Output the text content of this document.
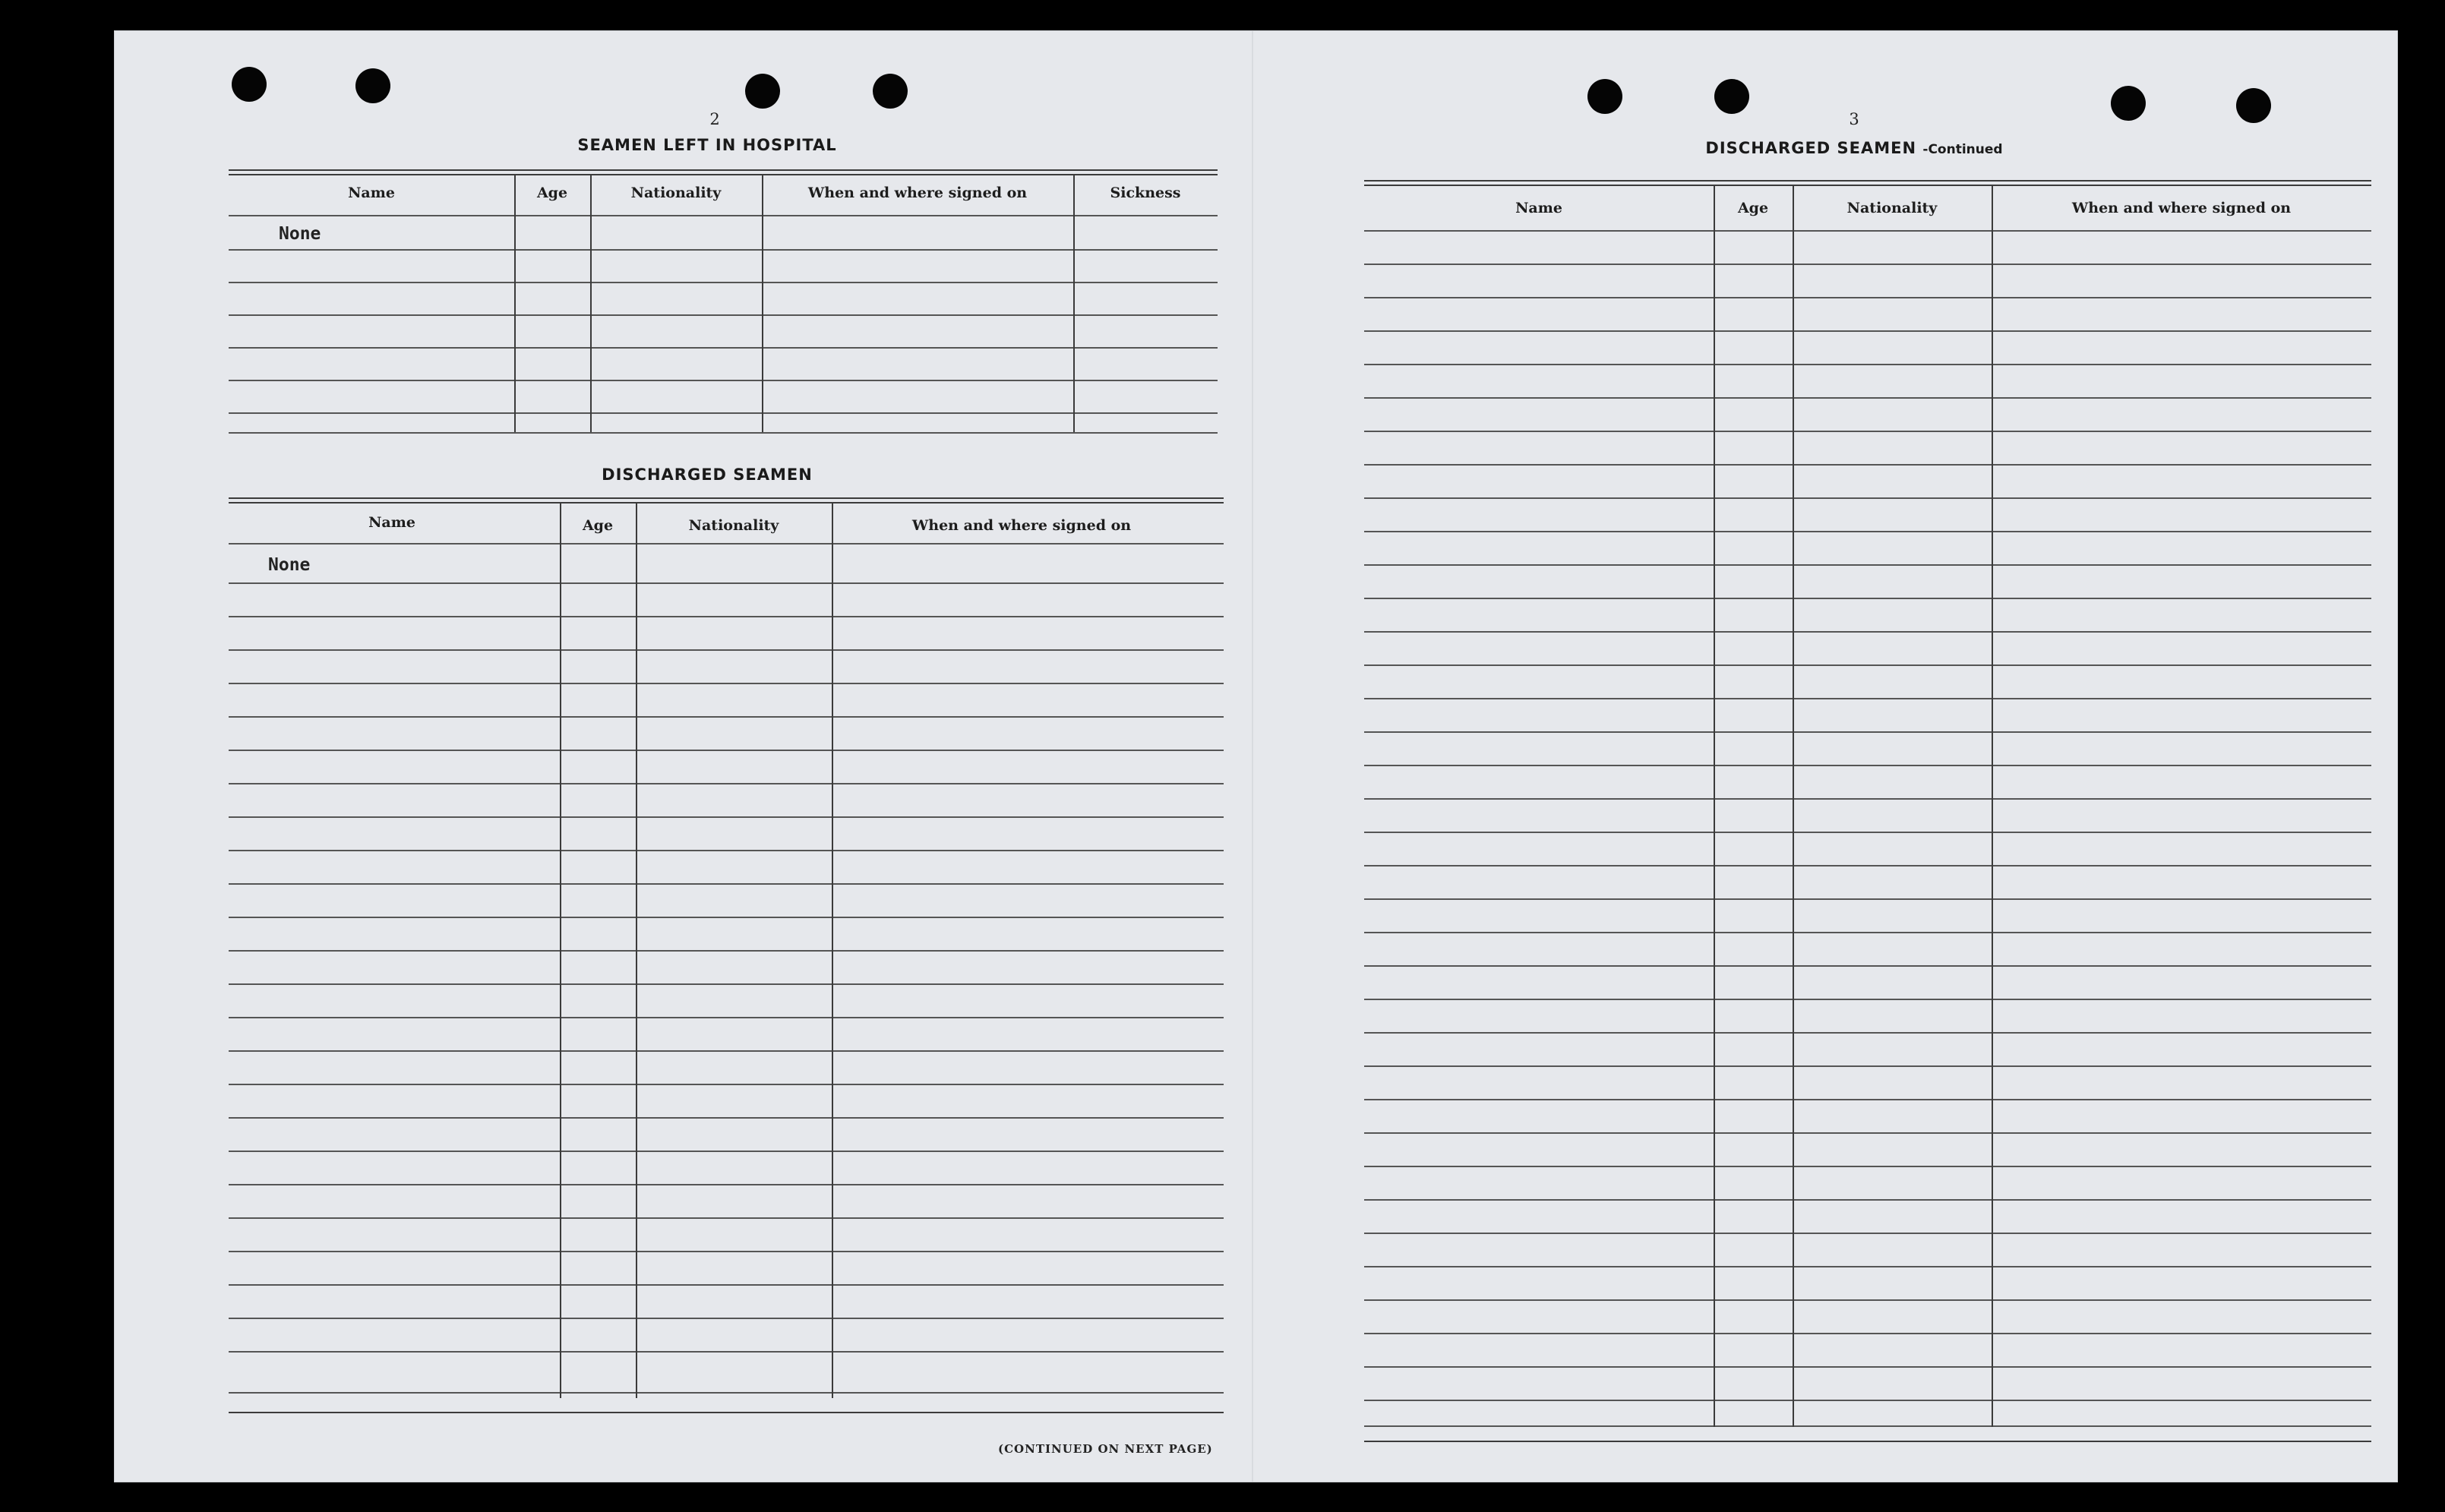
2
SEAMEN LEFT IN HOSPITAL
Name	Age	Nationality	When and where signed on	Sickness
None
DISCHARGED SEAMEN
Name	Age	Nationality	When and where signed on
None
(CONTINUED ON NEXT PAGE)
3
DISCHARGED SEAMEN -Continued
Name	Age	Nationality	When and where signed on
